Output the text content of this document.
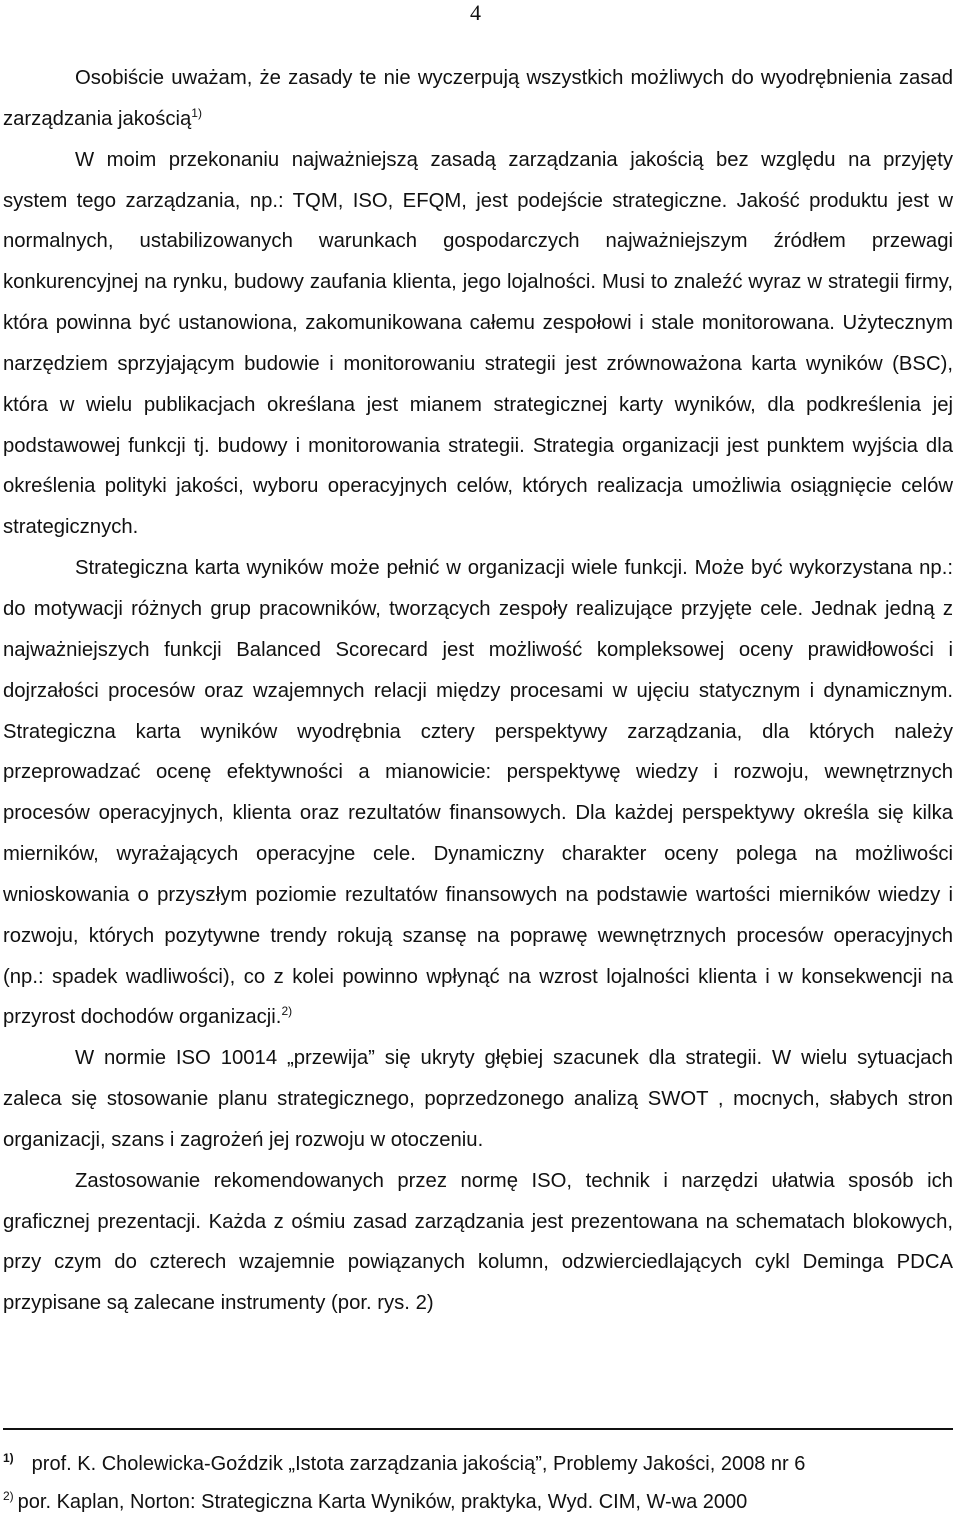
4

Osobiście uważam, że zasady te nie wyczerpują wszystkich możliwych do wyodrębnienia zasad zarządzania jakością$^{1)}$

W moim przekonaniu najważniejszą zasadą zarządzania jakością bez względu na przyjęty system tego zarządzania, np.: TQM, ISO, EFQM, jest podejście strategiczne. Jakość produktu jest w normalnych, ustabilizowanych warunkach gospodarczych najważniejszym źródłem przewagi konkurencyjnej na rynku, budowy zaufania klienta, jego lojalności. Musi to znaleźć wyraz w strategii firmy, która powinna być ustanowiona, zakomunikowana całemu zespołowi i stale monitorowana. Użytecznym narzędziem sprzyjającym budowie i monitorowaniu strategii jest zrównoważona karta wyników (BSC), która w wielu publikacjach określana jest mianem strategicznej karty wyników, dla podkreślenia jej podstawowej funkcji tj. budowy i monitorowania strategii. Strategia organizacji jest punktem wyjścia dla określenia polityki jakości, wyboru operacyjnych celów, których realizacja umożliwia osiągnięcie celów strategicznych.

Strategiczna karta wyników może pełnić w organizacji wiele funkcji. Może być wykorzystana np.: do motywacji różnych grup pracowników, tworzących zespoły realizujące przyjęte cele. Jednak jedną z najważniejszych funkcji Balanced Scorecard jest możliwość kompleksowej oceny prawidłowości i dojrzałości procesów oraz wzajemnych relacji między procesami w ujęciu statycznym i dynamicznym. Strategiczna karta wyników wyodrębnia cztery perspektywy zarządzania, dla których należy przeprowadzać ocenę efektywności a mianowicie: perspektywę wiedzy i rozwoju, wewnętrznych procesów operacyjnych, klienta oraz rezultatów finansowych. Dla każdej perspektywy określa się kilka mierników, wyrażających operacyjne cele. Dynamiczny charakter oceny polega na możliwości wnioskowania o przyszłym poziomie rezultatów finansowych na podstawie wartości mierników wiedzy i rozwoju, których pozytywne trendy rokują szansę na poprawę wewnętrznych procesów operacyjnych (np.: spadek wadliwości), co z kolei powinno wpłynąć na wzrost lojalności klienta i w konsekwencji na przyrost dochodów organizacji.$^{2)}$

W normie ISO 10014 „przewija” się ukryty głębiej szacunek dla strategii. W wielu sytuacjach zaleca się stosowanie planu strategicznego, poprzedzonego analizą SWOT , mocnych, słabych stron organizacji, szans i zagrożeń jej rozwoju w otoczeniu.

Zastosowanie rekomendowanych przez normę ISO, technik i narzędzi ułatwia sposób ich graficznej prezentacji. Każda z ośmiu zasad zarządzania jest prezentowana na schematach blokowych, przy czym do czterech wzajemnie powiązanych kolumn, odzwierciedlających cykl Deminga PDCA przypisane są zalecane instrumenty (por. rys. 2)

$^{1)}$ prof. K. Cholewicka-Goździk „Istota zarządzania jakością”, Problemy Jakości, 2008 nr 6

$^{2)}$ por. Kaplan, Norton: Strategiczna Karta Wyników, praktyka, Wyd. CIM, W-wa 2000
